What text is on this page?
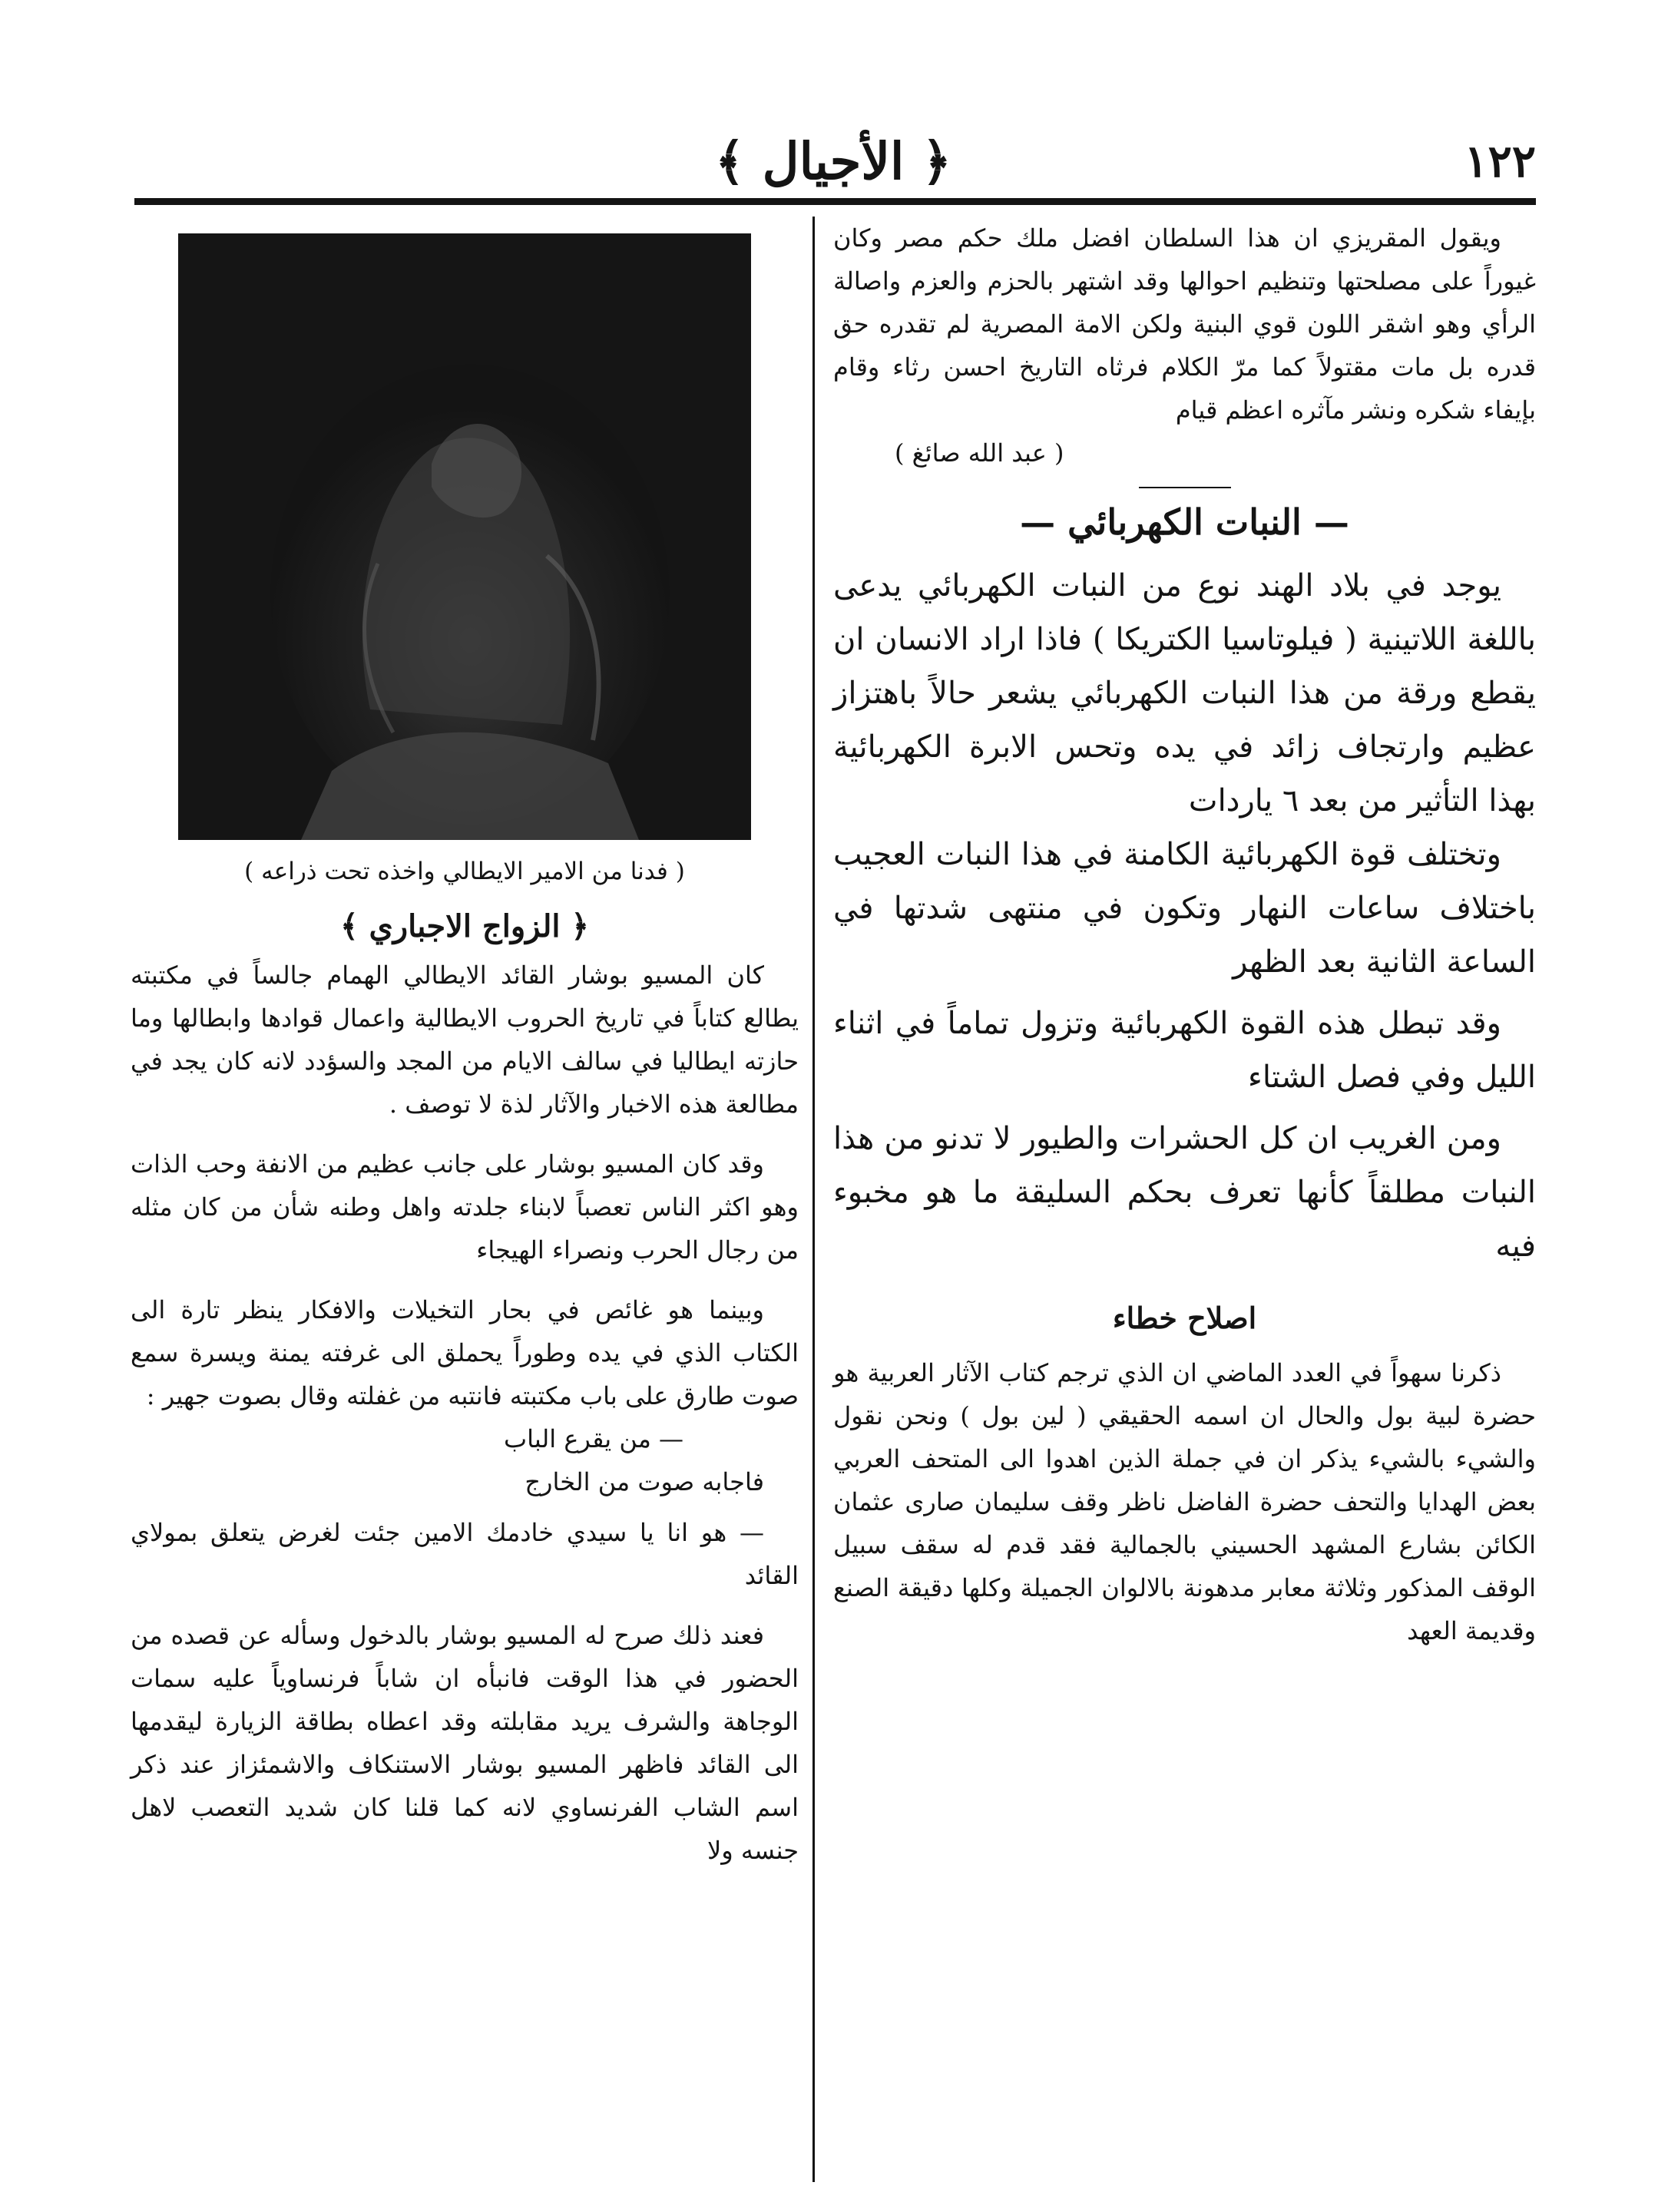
﴿ الأجيال ﴾	١٢٢

ويقول المقريزي ان هذا السلطان افضل ملك حكم مصر وكان غيوراً على مصلحتها وتنظيم احوالها وقد اشتهر بالحزم والعزم واصالة الرأي وهو اشقر اللون قوي البنية ولكن الامة المصرية لم تقدره حق قدره بل مات مقتولاً كما مرّ الكلام فرثاه التاريخ احسن رثاء وقام بإيفاء شكره ونشر مآثره اعظم قيام

( عبد الله صائغ )

— النبات الكهربائي —

يوجد في بلاد الهند نوع من النبات الكهربائي يدعى باللغة اللاتينية ( فيلوتاسيا الكتريكا ) فاذا اراد الانسان ان يقطع ورقة من هذا النبات الكهربائي يشعر حالاً باهتزاز عظيم وارتجاف زائد في يده وتحس الابرة الكهربائية بهذا التأثير من بعد ٦ ياردات

وتختلف قوة الكهربائية الكامنة في هذا النبات العجيب باختلاف ساعات النهار وتكون في منتهى شدتها في الساعة الثانية بعد الظهر

وقد تبطل هذه القوة الكهربائية وتزول تماماً في اثناء الليل وفي فصل الشتاء

ومن الغريب ان كل الحشرات والطيور لا تدنو من هذا النبات مطلقاً كأنها تعرف بحكم السليقة ما هو مخبوء فيه

اصلاح خطاء

ذكرنا سهواً في العدد الماضي ان الذي ترجم كتاب الآثار العربية هو حضرة لبية بول والحال ان اسمه الحقيقي ( لين بول ) ونحن نقول والشيء بالشيء يذكر ان في جملة الذين اهدوا الى المتحف العربي بعض الهدايا والتحف حضرة الفاضل ناظر وقف سليمان صارى عثمان الكائن بشارع المشهد الحسيني بالجمالية فقد قدم له سقف سبيل الوقف المذكور وثلاثة معابر مدهونة بالالوان الجميلة وكلها دقيقة الصنع وقديمة العهد

( فدنا من الامير الايطالي واخذه تحت ذراعه )

﴿ الزواج الاجباري ﴾

كان المسيو بوشار القائد الايطالي الهمام جالساً في مكتبته يطالع كتاباً في تاريخ الحروب الايطالية واعمال قوادها وابطالها وما حازته ايطاليا في سالف الايام من المجد والسؤدد لانه كان يجد في مطالعة هذه الاخبار والآثار لذة لا توصف .

وقد كان المسيو بوشار على جانب عظيم من الانفة وحب الذات وهو اكثر الناس تعصباً لابناء جلدته واهل وطنه شأن من كان مثله من رجال الحرب ونصراء الهيجاء

وبينما هو غائص في بحار التخيلات والافكار ينظر تارة الى الكتاب الذي في يده وطوراً يحملق الى غرفته يمنة ويسرة سمع صوت طارق على باب مكتبته فانتبه من غفلته وقال بصوت جهير :

— من يقرع الباب

فاجابه صوت من الخارج

— هو انا يا سيدي خادمك الامين جئت لغرض يتعلق بمولاي القائد

فعند ذلك صرح له المسيو بوشار بالدخول وسأله عن قصده من الحضور في هذا الوقت فانبأه ان شاباً فرنساوياً عليه سمات الوجاهة والشرف يريد مقابلته وقد اعطاه بطاقة الزيارة ليقدمها الى القائد فاظهر المسيو بوشار الاستنكاف والاشمئزاز عند ذكر اسم الشاب الفرنساوي لانه كما قلنا كان شديد التعصب لاهل جنسه ولا
